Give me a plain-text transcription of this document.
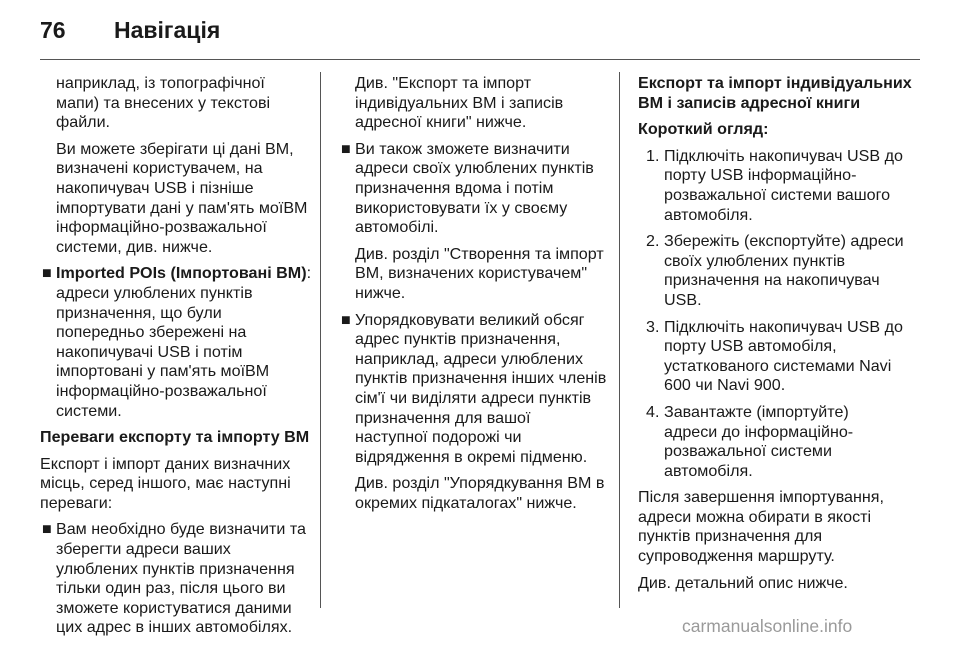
76 Навігація

наприклад, із топографічної
мапи) та внесених у текстові
файли.

Ви можете зберігати ці дані ВМ,
визначені користувачем, на
накопичувач USB і пізніше
імпортувати дані у пам'ять моїВМ
інформаційно-розважальної
системи, див. нижче.

■ Imported POIs (Імпортовані ВМ):
адреси улюблених пунктів
призначення, що були
попередньо збережені на
накопичувачі USB і потім
імпортовані у пам'ять моїВМ
інформаційно-розважальної
системи.

Переваги експорту та імпорту ВМ

Експорт і імпорт даних визначних
місць, серед іншого, має наступні
переваги:

■ Вам необхідно буде визначити та
зберегти адреси ваших
улюблених пунктів призначення
тільки один раз, після цього ви
зможете користуватися даними
цих адрес в інших автомобілях.

Див. "Експорт та імпорт
індивідуальних ВМ і записів
адресної книги" нижче.

■ Ви також зможете визначити
адреси своїх улюблених пунктів
призначення вдома і потім
використовувати їх у своєму
автомобілі.

Див. розділ "Створення та імпорт
ВМ, визначених користувачем"
нижче.

■ Упорядковувати великий обсяг
адрес пунктів призначення,
наприклад, адреси улюблених
пунктів призначення інших членів
сім'ї чи виділяти адреси пунктів
призначення для вашої
наступної подорожі чи
відрядження в окремі підменю.

Див. розділ "Упорядкування ВМ в
окремих підкаталогах" нижче.

Експорт та імпорт індивідуальних
ВМ і записів адресної книги

Короткий огляд:

1. Підключіть накопичувач USB до
порту USB інформаційно-
розважальної системи вашого
автомобіля.
2. Збережіть (експортуйте) адреси
своїх улюблених пунктів
призначення на накопичувач
USB.
3. Підключіть накопичувач USB до
порту USB автомобіля,
устаткованого системами Navi
600 чи Navi 900.
4. Завантажте (імпортуйте)
адреси до інформаційно-
розважальної системи
автомобіля.

Після завершення імпортування,
адреси можна обирати в якості
пунктів призначення для
супроводження маршруту.

Див. детальний опис нижче.

carmanualsonline.info
